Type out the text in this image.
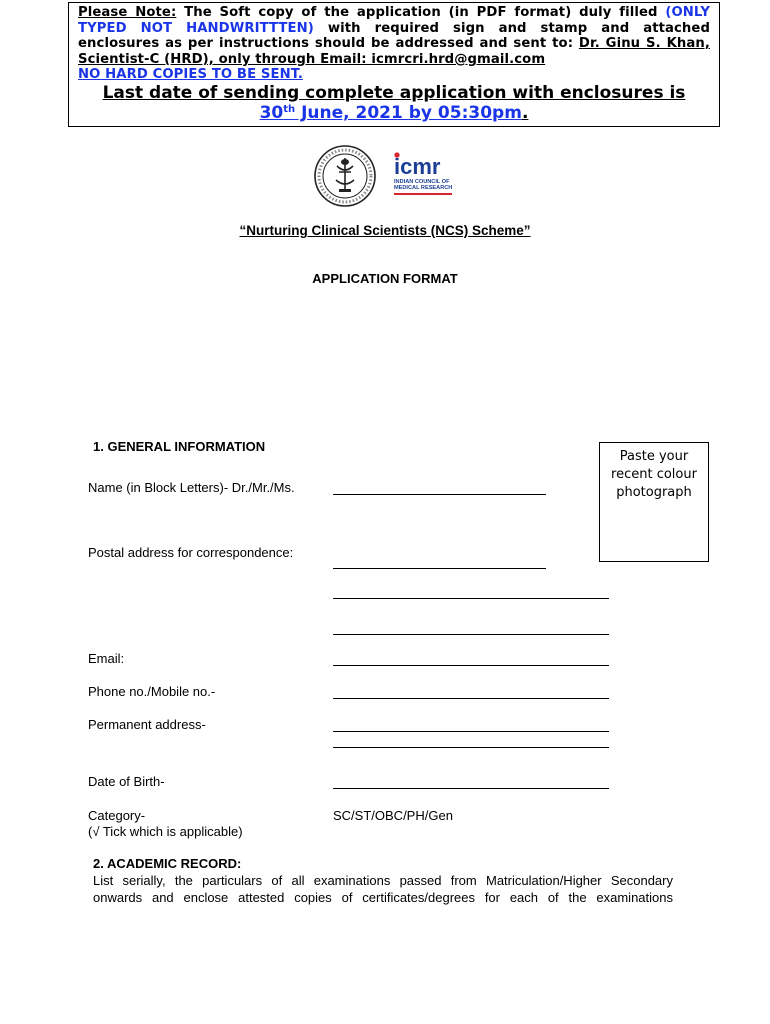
Please Note: The Soft copy of the application (in PDF format) duly filled (ONLY TYPED NOT HANDWRITTTEN) with required sign and stamp and attached enclosures as per instructions should be addressed and sent to: Dr. Ginu S. Khan, Scientist-C (HRD), only through Email: icmrcri.hrd@gmail.com
NO HARD COPIES TO BE SENT.
Last date of sending complete application with enclosures is
30th June, 2021 by 05:30pm.
icmr
INDIAN COUNCIL OF
MEDICAL RESEARCH
“Nurturing Clinical Scientists (NCS) Scheme”
APPLICATION FORMAT
1. GENERAL INFORMATION
Paste your recent colour photograph
Name (in Block Letters)- Dr./Mr./Ms.
Postal address for correspondence:
Email:
Phone no./Mobile no.-
Permanent address-
Date of Birth-
Category-
(√ Tick which is applicable)
SC/ST/OBC/PH/Gen
2. ACADEMIC RECORD:
List serially, the particulars of all examinations passed from Matriculation/Higher Secondary
onwards and enclose attested copies of certificates/degrees for each of the examinations
